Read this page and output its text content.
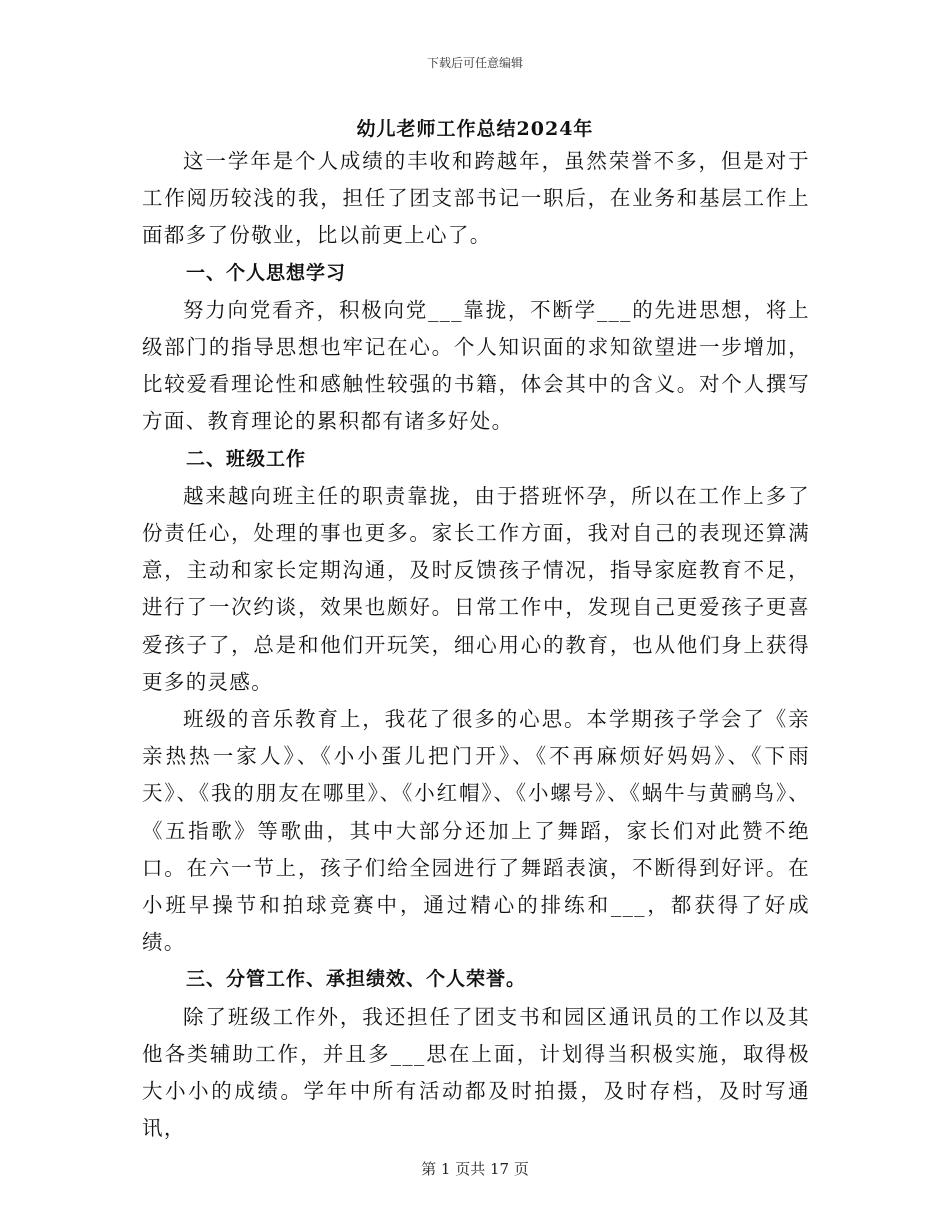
下载后可任意编辑
幼儿老师工作总结2024年

这一学年是个人成绩的丰收和跨越年，虽然荣誉不多，但是对于工作阅历较浅的我，担任了团支部书记一职后，在业务和基层工作上面都多了份敬业，比以前更上心了。

一、个人思想学习

努力向党看齐，积极向党___靠拢，不断学___的先进思想，将上级部门的指导思想也牢记在心。个人知识面的求知欲望进一步增加，比较爱看理论性和感触性较强的书籍，体会其中的含义。对个人撰写方面、教育理论的累积都有诸多好处。

二、班级工作

越来越向班主任的职责靠拢，由于搭班怀孕，所以在工作上多了份责任心，处理的事也更多。家长工作方面，我对自己的表现还算满意，主动和家长定期沟通，及时反馈孩子情况，指导家庭教育不足，进行了一次约谈，效果也颇好。日常工作中，发现自己更爱孩子更喜爱孩子了，总是和他们开玩笑，细心用心的教育，也从他们身上获得更多的灵感。

班级的音乐教育上，我花了很多的心思。本学期孩子学会了《亲亲热热一家人》、《小小蛋儿把门开》、《不再麻烦好妈妈》、《下雨天》、《我的朋友在哪里》、《小红帽》、《小螺号》、《蜗牛与黄鹂鸟》、《五指歌》等歌曲，其中大部分还加上了舞蹈，家长们对此赞不绝口。在六一节上，孩子们给全园进行了舞蹈表演，不断得到好评。在小班早操节和拍球竞赛中，通过精心的排练和___，都获得了好成绩。

三、分管工作、承担绩效、个人荣誉。

除了班级工作外，我还担任了团支书和园区通讯员的工作以及其他各类辅助工作，并且多___思在上面，计划得当积极实施，取得极大小小的成绩。学年中所有活动都及时拍摄，及时存档，及时写通讯，

第 1 页共 17 页
